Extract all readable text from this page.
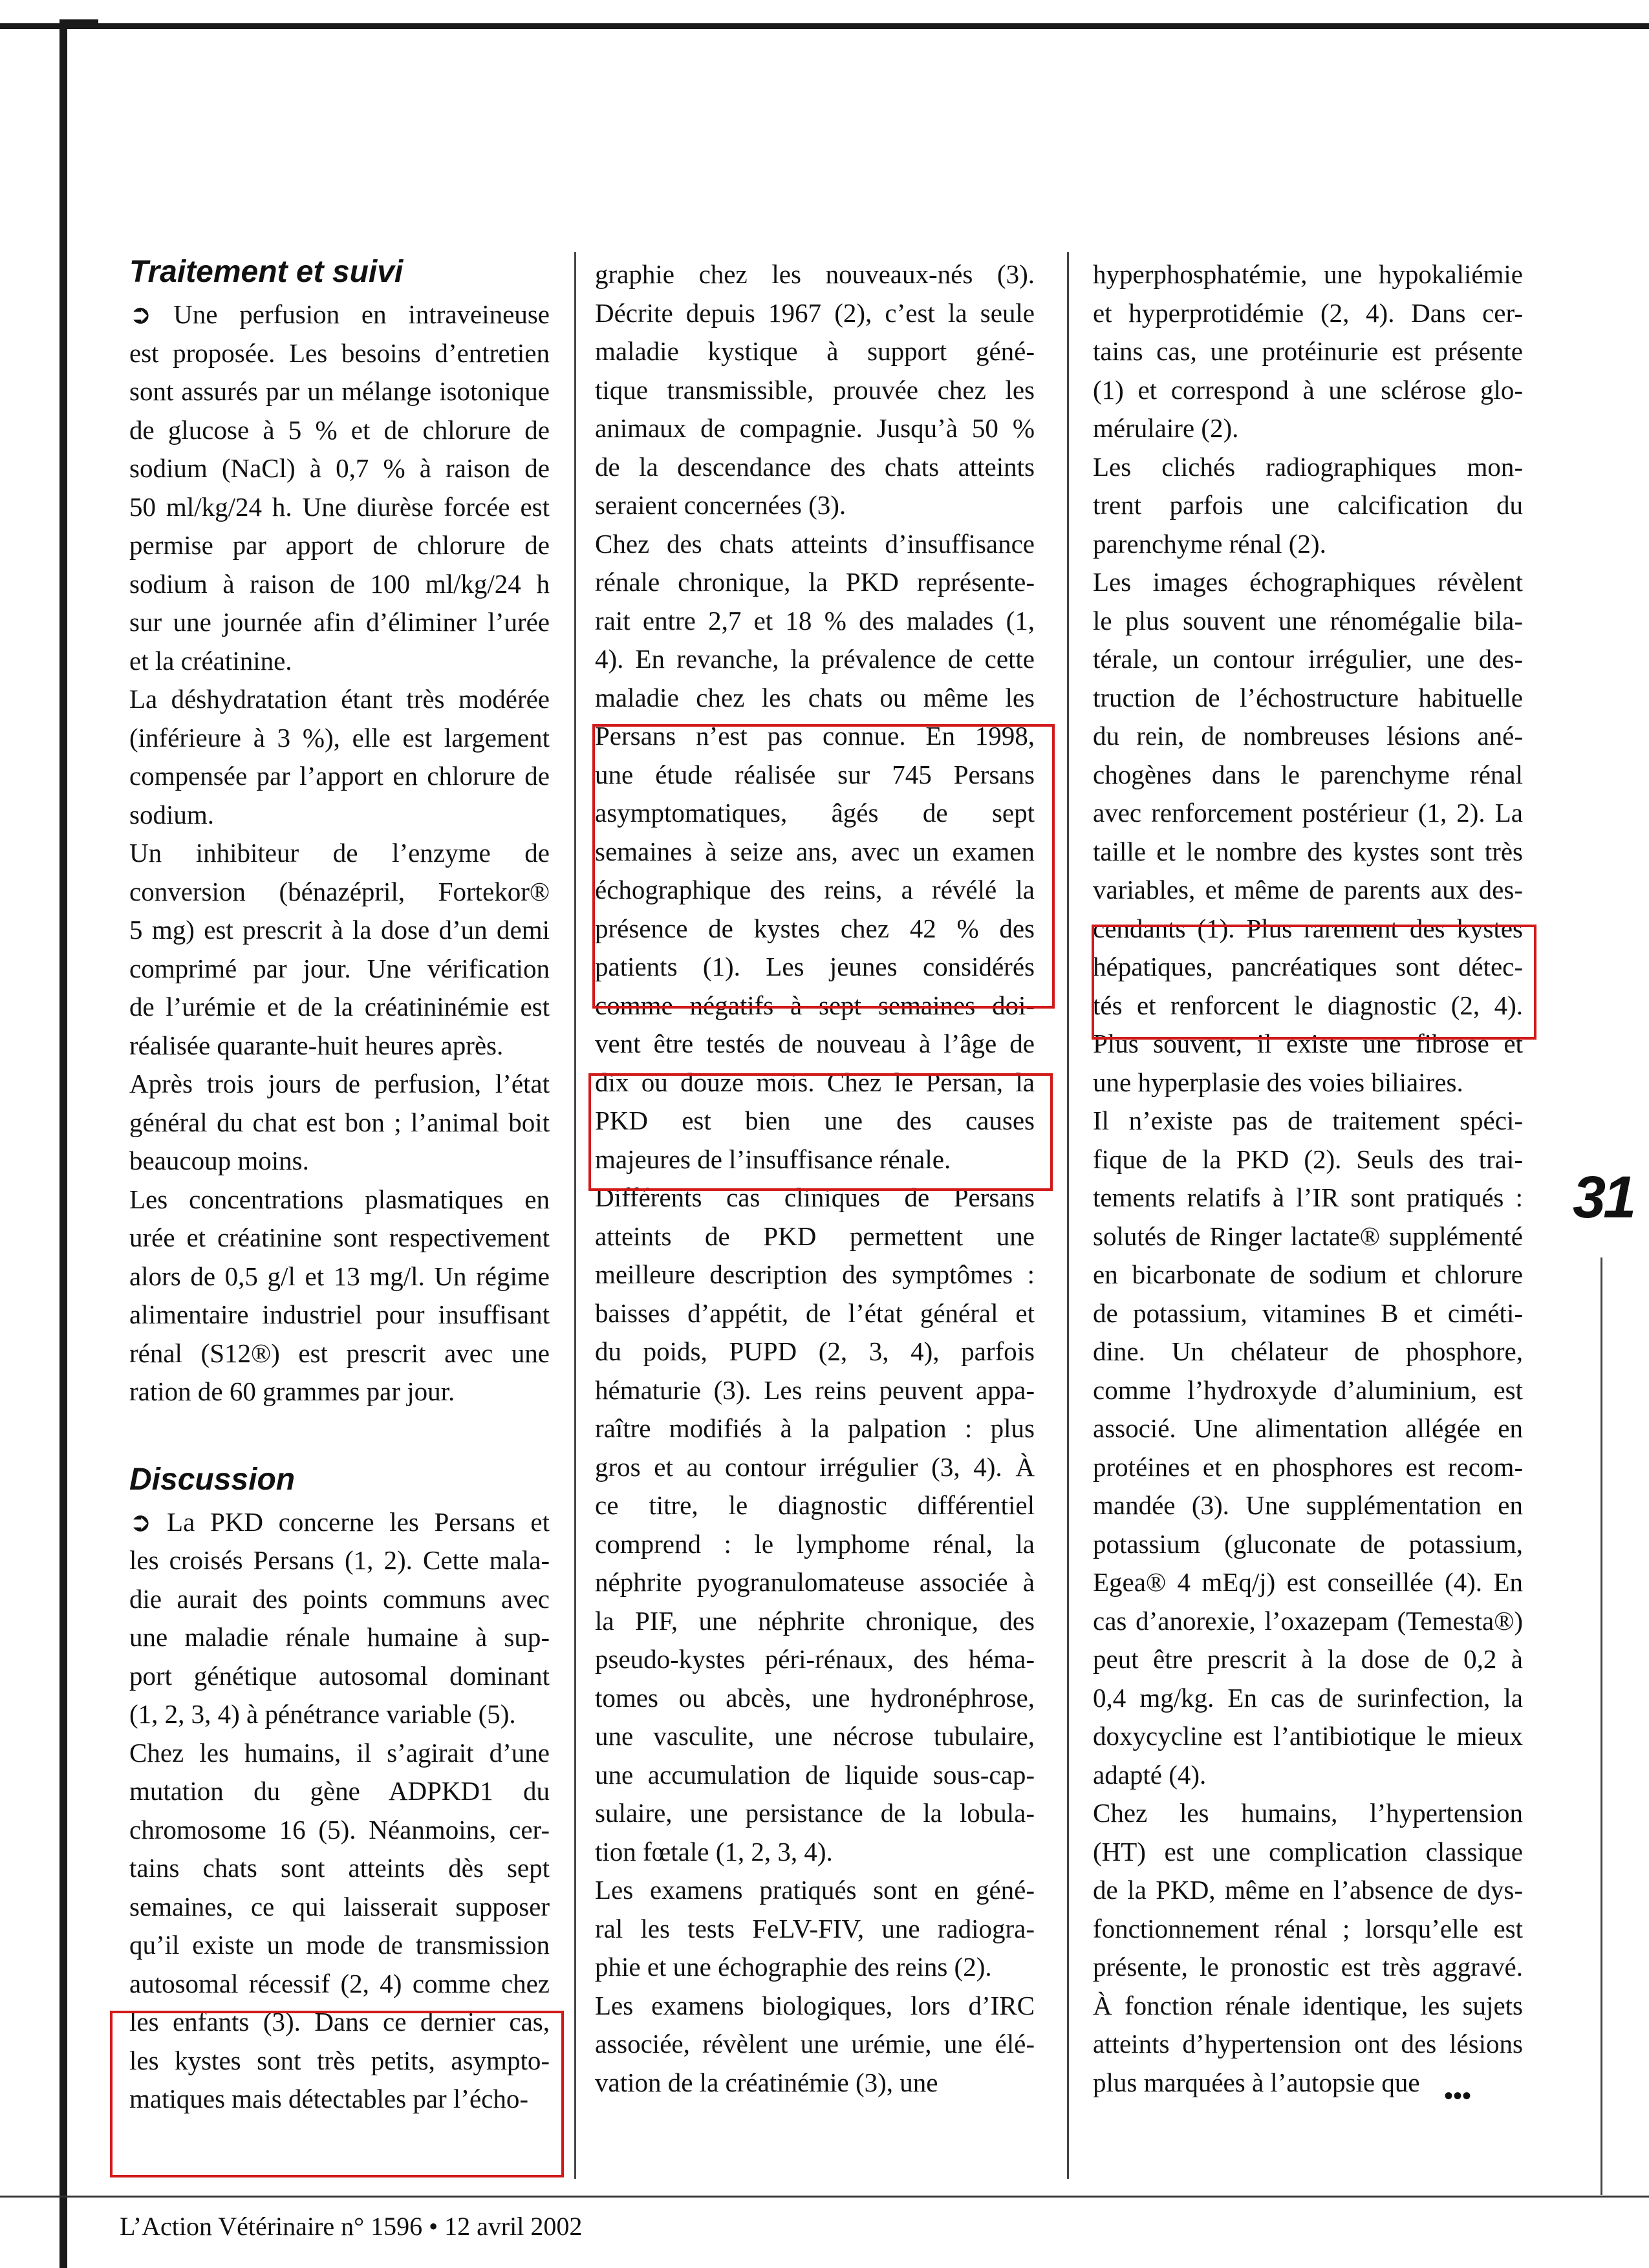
Traitement et suivi
➲ Une perfusion en intraveineuse
est proposée. Les besoins d’entretien
sont assurés par un mélange isotonique
de glucose à 5 % et de chlorure de
sodium (NaCl) à 0,7 % à raison de
50 ml/kg/24 h. Une diurèse forcée est
permise par apport de chlorure de
sodium à raison de 100 ml/kg/24 h
sur une journée afin d’éliminer l’urée
et la créatinine.
La déshydratation étant très modérée
(inférieure à 3 %), elle est largement
compensée par l’apport en chlorure de
sodium.
Un inhibiteur de l’enzyme de
conversion (bénazépril, Fortekor®
5 mg) est prescrit à la dose d’un demi
comprimé par jour. Une vérification
de l’urémie et de la créatininémie est
réalisée quarante-huit heures après.
Après trois jours de perfusion, l’état
général du chat est bon ; l’animal boit
beaucoup moins.
Les concentrations plasmatiques en
urée et créatinine sont respectivement
alors de 0,5 g/l et 13 mg/l. Un régime
alimentaire industriel pour insuffisant
rénal (S12®) est prescrit avec une
ration de 60 grammes par jour.
Discussion
➲ La PKD concerne les Persans et
les croisés Persans (1, 2). Cette mala-
die aurait des points communs avec
une maladie rénale humaine à sup-
port génétique autosomal dominant
(1, 2, 3, 4) à pénétrance variable (5).
Chez les humains, il s’agirait d’une
mutation du gène ADPKD1 du
chromosome 16 (5). Néanmoins, cer-
tains chats sont atteints dès sept
semaines, ce qui laisserait supposer
qu’il existe un mode de transmission
autosomal récessif (2, 4) comme chez
les enfants (3). Dans ce dernier cas,
les kystes sont très petits, asympto-
matiques mais détectables par l’écho-
graphie chez les nouveaux-nés (3).
Décrite depuis 1967 (2), c’est la seule
maladie kystique à support géné-
tique transmissible, prouvée chez les
animaux de compagnie. Jusqu’à 50 %
de la descendance des chats atteints
seraient concernées (3).
Chez des chats atteints d’insuffisance
rénale chronique, la PKD représente-
rait entre 2,7 et 18 % des malades (1,
4). En revanche, la prévalence de cette
maladie chez les chats ou même les
Persans n’est pas connue. En 1998,
une étude réalisée sur 745 Persans
asymptomatiques, âgés de sept
semaines à seize ans, avec un examen
échographique des reins, a révélé la
présence de kystes chez 42 % des
patients (1). Les jeunes considérés
comme négatifs à sept semaines doi-
vent être testés de nouveau à l’âge de
dix ou douze mois. Chez le Persan, la
PKD est bien une des causes
majeures de l’insuffisance rénale.
Différents cas cliniques de Persans
atteints de PKD permettent une
meilleure description des symptômes :
baisses d’appétit, de l’état général et
du poids, PUPD (2, 3, 4), parfois
hématurie (3). Les reins peuvent appa-
raître modifiés à la palpation : plus
gros et au contour irrégulier (3, 4). À
ce titre, le diagnostic différentiel
comprend : le lymphome rénal, la
néphrite pyogranulomateuse associée à
la PIF, une néphrite chronique, des
pseudo-kystes péri-rénaux, des héma-
tomes ou abcès, une hydronéphrose,
une vasculite, une nécrose tubulaire,
une accumulation de liquide sous-cap-
sulaire, une persistance de la lobula-
tion fœtale (1, 2, 3, 4).
Les examens pratiqués sont en géné-
ral les tests FeLV-FIV, une radiogra-
phie et une échographie des reins (2).
Les examens biologiques, lors d’IRC
associée, révèlent une urémie, une élé-
vation de la créatinémie (3), une
hyperphosphatémie, une hypokaliémie
et hyperprotidémie (2, 4). Dans cer-
tains cas, une protéinurie est présente
(1) et correspond à une sclérose glo-
mérulaire (2).
Les clichés radiographiques mon-
trent parfois une calcification du
parenchyme rénal (2).
Les images échographiques révèlent
le plus souvent une rénomégalie bila-
térale, un contour irrégulier, une des-
truction de l’échostructure habituelle
du rein, de nombreuses lésions ané-
chogènes dans le parenchyme rénal
avec renforcement postérieur (1, 2). La
taille et le nombre des kystes sont très
variables, et même de parents aux des-
cendants (1). Plus rarement des kystes
hépatiques, pancréatiques sont détec-
tés et renforcent le diagnostic (2, 4).
Plus souvent, il existe une fibrose et
une hyperplasie des voies biliaires.
Il n’existe pas de traitement spéci-
fique de la PKD (2). Seuls des trai-
tements relatifs à l’IR sont pratiqués :
solutés de Ringer lactate® supplémenté
en bicarbonate de sodium et chlorure
de potassium, vitamines B et ciméti-
dine. Un chélateur de phosphore,
comme l’hydroxyde d’aluminium, est
associé. Une alimentation allégée en
protéines et en phosphores est recom-
mandée (3). Une supplémentation en
potassium (gluconate de potassium,
Egea® 4 mEq/j) est conseillée (4). En
cas d’anorexie, l’oxazepam (Temesta®)
peut être prescrit à la dose de 0,2 à
0,4 mg/kg. En cas de surinfection, la
doxycycline est l’antibiotique le mieux
adapté (4).
Chez les humains, l’hypertension
(HT) est une complication classique
de la PKD, même en l’absence de dys-
fonctionnement rénal ; lorsqu’elle est
présente, le pronostic est très aggravé.
À fonction rénale identique, les sujets
atteints d’hypertension ont des lésions
plus marquées à l’autopsie que •••
31
L’Action Vétérinaire n° 1596 • 12 avril 2002
